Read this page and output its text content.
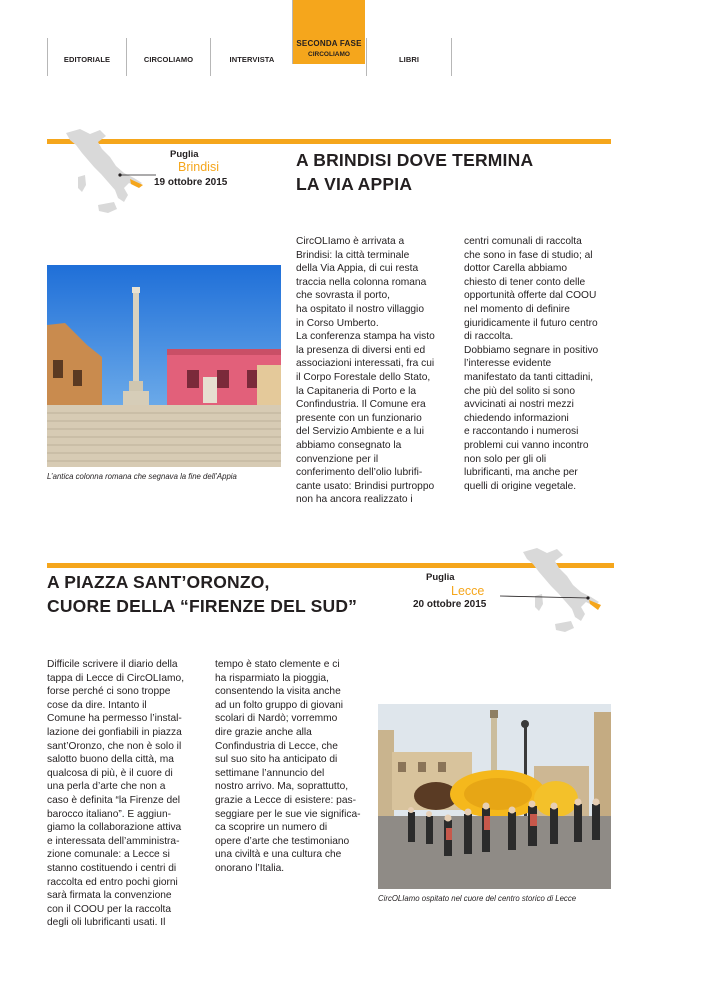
EDITORIALE	CIRCOLIAMO	INTERVISTA
SECONDA FASE
CIRCOLIAMO	LIBRI
Puglia
Brindisi
19 ottobre 2015
A BRINDISI DOVE TERMINA
LA VIA APPIA
L’antica colonna romana che segnava la fine dell’Appia
CircOLIamo è arrivata a
Brindisi: la città terminale
della Via Appia, di cui resta
traccia nella colonna romana
che sovrasta il porto,
ha ospitato il nostro villaggio
in Corso Umberto.
La conferenza stampa ha visto
la presenza di diversi enti ed
associazioni interessati, fra cui
il Corpo Forestale dello Stato,
la Capitaneria di Porto e la
Confindustria. Il Comune era
presente con un funzionario
del Servizio Ambiente e a lui
abbiamo consegnato la
convenzione per il
conferimento dell’olio lubrifi-
cante usato: Brindisi purtroppo
non ha ancora realizzato i
centri comunali di raccolta
che sono in fase di studio; al
dottor Carella abbiamo
chiesto di tener conto delle
opportunità offerte dal COOU
nel momento di definire
giuridicamente il futuro centro
di raccolta.
Dobbiamo segnare in positivo
l’interesse evidente
manifestato da tanti cittadini,
che più del solito si sono
avvicinati ai nostri mezzi
chiedendo informazioni
e raccontando i numerosi
problemi cui vanno incontro
non solo per gli oli
lubrificanti, ma anche per
quelli di origine vegetale.
Puglia
Lecce
20 ottobre 2015
A PIAZZA SANT’ORONZO,
CUORE DELLA “FIRENZE DEL SUD”
Difficile scrivere il diario della
tappa di Lecce di CircOLIamo,
forse perché ci sono troppe
cose da dire. Intanto il
Comune ha permesso l’instal-
lazione dei gonfiabili in piazza
sant’Oronzo, che non è solo il
salotto buono della città, ma
qualcosa di più, è il cuore di
una perla d’arte che non a
caso è definita “la Firenze del
barocco italiano”. E aggiun-
giamo la collaborazione attiva
e interessata dell’amministra-
zione comunale: a Lecce si
stanno costituendo i centri di
raccolta ed entro pochi giorni
sarà firmata la convenzione
con il COOU per la raccolta
degli oli lubrificanti usati. Il
tempo è stato clemente e ci
ha risparmiato la pioggia,
consentendo la visita anche
ad un folto gruppo di giovani
scolari di Nardò; vorremmo
dire grazie anche alla
Confindustria di Lecce, che
sul suo sito ha anticipato di
settimane l’annuncio del
nostro arrivo. Ma, soprattutto,
grazie a Lecce di esistere: pas-
seggiare per le sue vie significa-
ca scoprire un numero di
opere d’arte che testimoniano
una civiltà e una cultura che
onorano l’Italia.
CircOLIamo ospitato nel cuore del centro storico di Lecce
